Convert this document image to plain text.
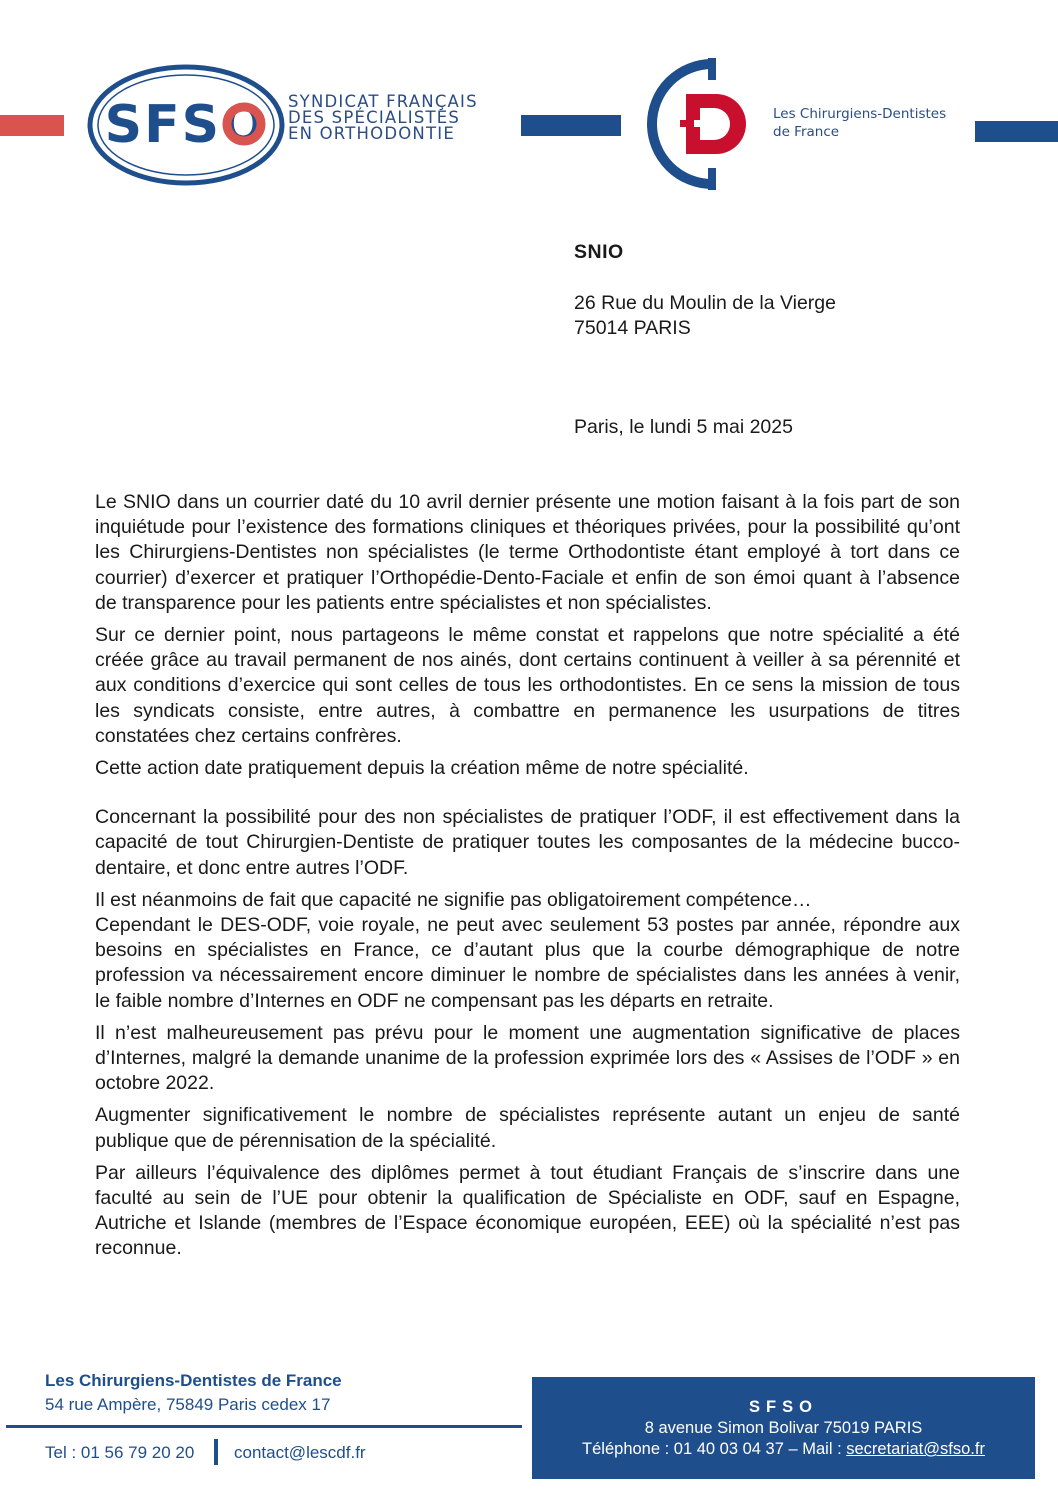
SFSO SYNDICAT FRANÇAIS
DES SPÉCIALISTES
EN ORTHODONTIE
Les Chirurgiens-Dentistes
de France
SNIO
26 Rue du Moulin de la Vierge
75014 PARIS
Paris, le lundi 5 mai 2025

Le SNIO dans un courrier daté du 10 avril dernier présente une motion faisant à la fois part de son inquiétude pour l’existence des formations cliniques et théoriques privées, pour la possibilité qu’ont les Chirurgiens-Dentistes non spécialistes (le terme Orthodontiste étant employé à tort dans ce courrier) d’exercer et pratiquer l’Orthopédie-Dento-Faciale et enfin de son émoi quant à l’absence de transparence pour les patients entre spécialistes et non spécialistes.

Sur ce dernier point, nous partageons le même constat et rappelons que notre spécialité a été créée grâce au travail permanent de nos ainés, dont certains continuent à veiller à sa pérennité et aux conditions d’exercice qui sont celles de tous les orthodontistes. En ce sens la mission de tous les syndicats consiste, entre autres, à combattre en permanence les usurpations de titres constatées chez certains confrères.

Cette action date pratiquement depuis la création même de notre spécialité.

Concernant la possibilité pour des non spécialistes de pratiquer l’ODF, il est effectivement dans la capacité de tout Chirurgien-Dentiste de pratiquer toutes les composantes de la médecine bucco-dentaire, et donc entre autres l’ODF.

Il est néanmoins de fait que capacité ne signifie pas obligatoirement compétence…

Cependant le DES-ODF, voie royale, ne peut avec seulement 53 postes par année, répondre aux besoins en spécialistes en France, ce d’autant plus que la courbe démographique de notre profession va nécessairement encore diminuer le nombre de spécialistes dans les années à venir, le faible nombre d’Internes en ODF ne compensant pas les départs en retraite.

Il n’est malheureusement pas prévu pour le moment une augmentation significative de places d’Internes, malgré la demande unanime de la profession exprimée lors des « Assises de l’ODF » en octobre 2022.

Augmenter significativement le nombre de spécialistes représente autant un enjeu de santé publique que de pérennisation de la spécialité.

Par ailleurs l’équivalence des diplômes permet à tout étudiant Français de s’inscrire dans une faculté au sein de l’UE pour obtenir la qualification de Spécialiste en ODF, sauf en Espagne, Autriche et Islande (membres de l’Espace économique européen, EEE) où la spécialité n’est pas reconnue.

Les Chirurgiens-Dentistes de France
54 rue Ampère, 75849 Paris cedex 17
Tel : 01 56 79 20 20 contact@lescdf.fr
SFSO
8 avenue Simon Bolivar 75019 PARIS
Téléphone : 01 40 03 04 37 – Mail : secretariat@sfso.fr
